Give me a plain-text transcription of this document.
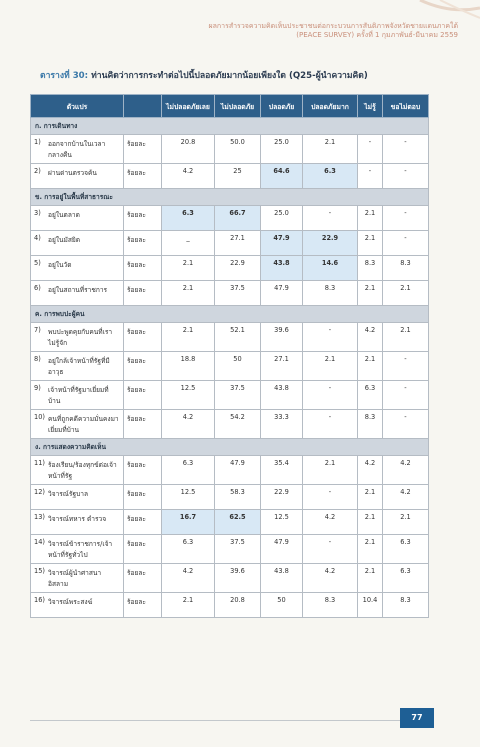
ผลการสำรวจความคิดเห็นประชาชนต่อกระบวนการสันติภาพจังหวัดชายแดนภาคใต้
(PEACE SURVEY) ครั้งที่ 1 กุมภาพันธ์-มีนาคม 2559
ตารางที่ 30: ท่านคิดว่าการกระทำต่อไปนี้ปลอดภัยมากน้อยเพียงใด (Q25-ผู้นำความคิด)
ตัวแปร		ไม่ปลอดภัยเลย	ไม่ปลอดภัย	ปลอดภัย	ปลอดภัยมาก	ไม่รู้	ขอไม่ตอบ
ก. การเดินทาง							

1) ออกจากบ้านในเวลากลางคืน	ร้อยละ	20.8	50.0	25.0	2.1	-	-

2) ผ่านด่านตรวจค้น	ร้อยละ	4.2	25	64.6	6.3	-	-
ข. การอยู่ในพื้นที่สาธารณะ							

3) อยู่ในตลาด	ร้อยละ	6.3	66.7	25.0	-	2.1	-

4) อยู่ในมัสยิด	ร้อยละ	_	27.1	47.9	22.9	2.1	-

5) อยู่ในวัด	ร้อยละ	2.1	22.9	43.8	14.6	8.3	8.3

6) อยู่ในสถานที่ราชการ	ร้อยละ	2.1	37.5	47.9	8.3	2.1	2.1
ค. การพบปะผู้คน							

7) พบปะพูดคุยกับคนที่เราไม่รู้จัก	ร้อยละ	2.1	52.1	39.6	-	4.2	2.1

8) อยู่ใกล้เจ้าหน้าที่รัฐที่มีอาวุธ	ร้อยละ	18.8	50	27.1	2.1	2.1	-

9) เจ้าหน้าที่รัฐมาเยี่ยมที่บ้าน	ร้อยละ	12.5	37.5	43.8	-	6.3	-

10) คนที่ถูกคดีความมั่นคงมาเยี่ยมที่บ้าน	ร้อยละ	4.2	54.2	33.3	-	8.3	-
ง. การแสดงความคิดเห็น							

11) ร้องเรียน/ร้องทุกข์ต่อเจ้าหน้าที่รัฐ	ร้อยละ	6.3	47.9	35.4	2.1	4.2	4.2

12) วิจารณ์รัฐบาล	ร้อยละ	12.5	58.3	22.9	-	2.1	4.2

13) วิจารณ์ทหาร ตำรวจ	ร้อยละ	16.7	62.5	12.5	4.2	2.1	2.1

14) วิจารณ์ข้าราชการ/เจ้าหน้าที่รัฐทั่วไป	ร้อยละ	6.3	37.5	47.9	-	2.1	6.3

15) วิจารณ์ผู้นำศาสนาอิสลาม	ร้อยละ	4.2	39.6	43.8	4.2	2.1	6.3

16) วิจารณ์พระสงฆ์	ร้อยละ	2.1	20.8	50	8.3	10.4	8.3
77
